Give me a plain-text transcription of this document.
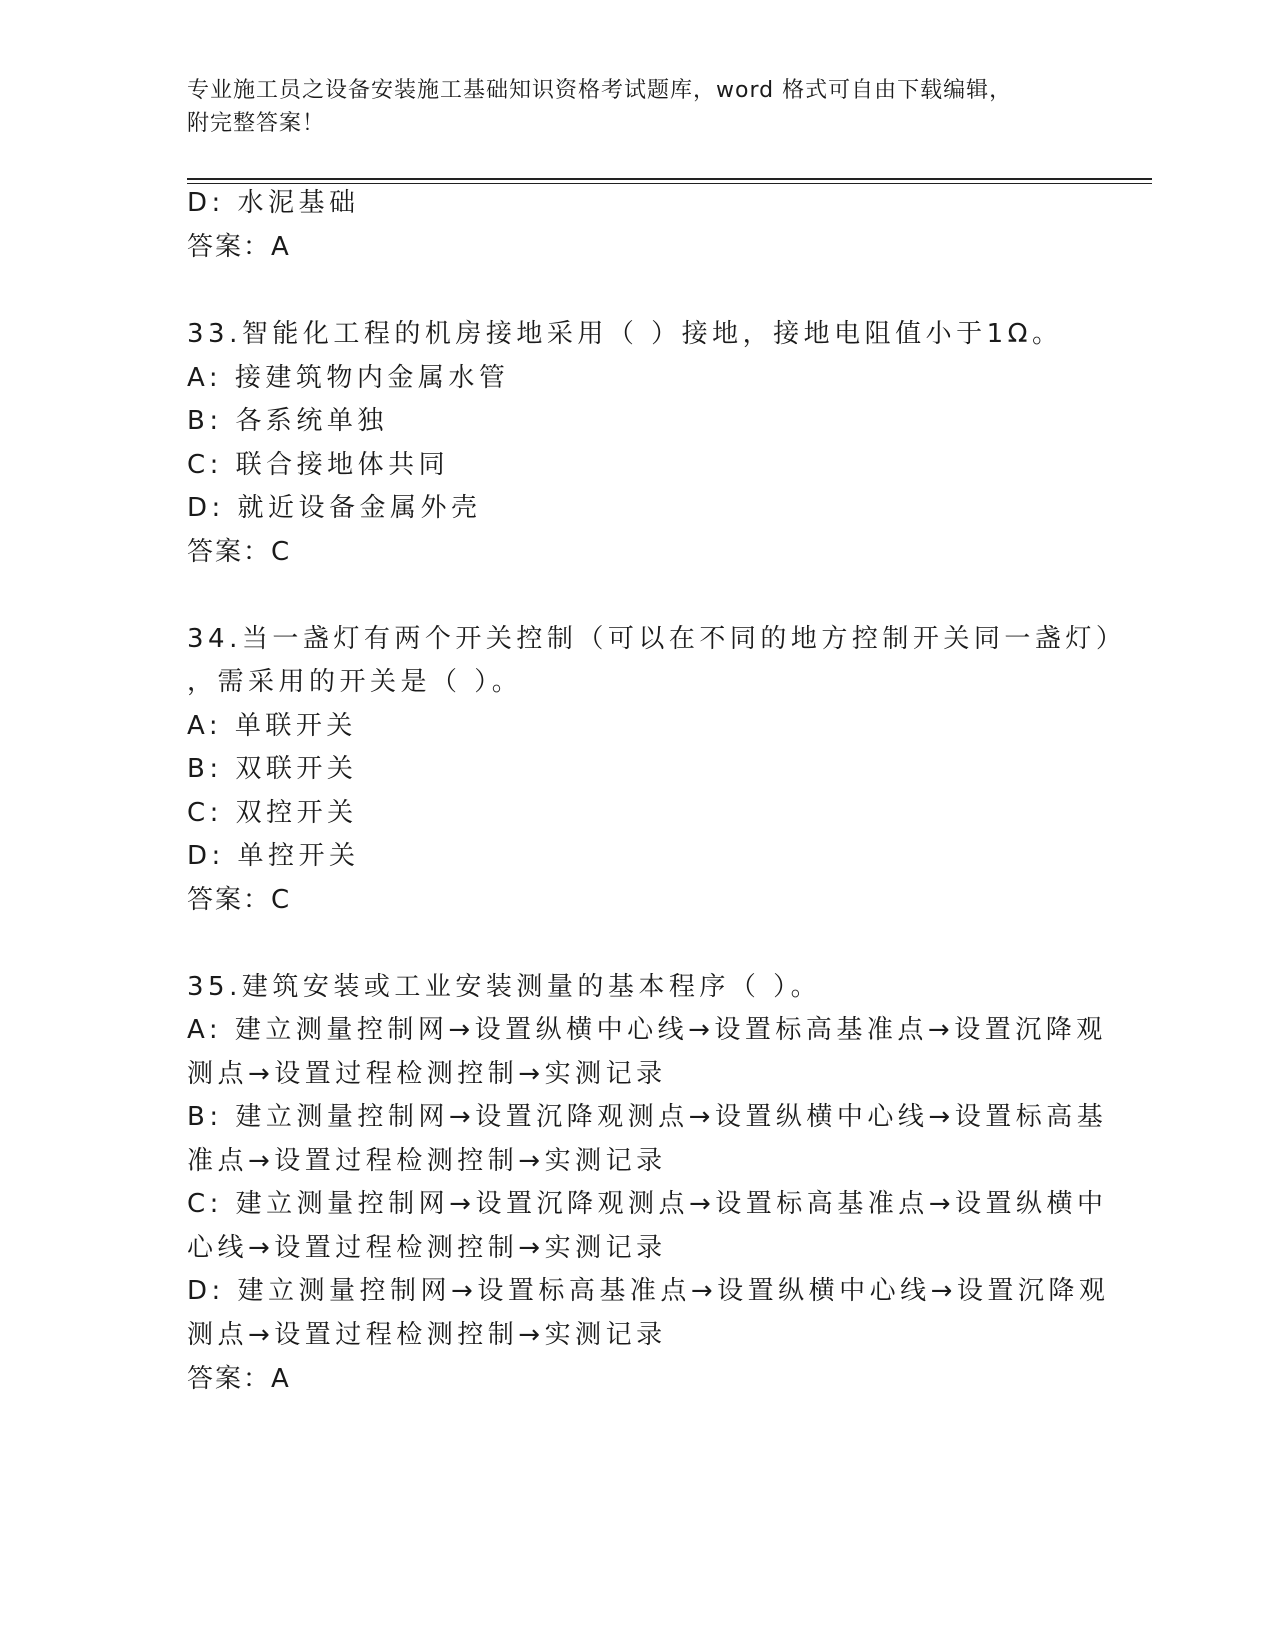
专业施工员之设备安装施工基础知识资格考试题库，word 格式可自由下载编辑，
附完整答案！
D: 水泥基础
答案：A
33.智能化工程的机房接地采用（ ）接地，接地电阻值小于1Ω。
A: 接建筑物内金属水管
B: 各系统单独
C: 联合接地体共同
D: 就近设备金属外壳
答案：C
34.当一盏灯有两个开关控制（可以在不同的地方控制开关同一盏灯）
，需采用的开关是（ ）。
A: 单联开关
B: 双联开关
C: 双控开关
D: 单控开关
答案：C
35.建筑安装或工业安装测量的基本程序（ ）。
A: 建立测量控制网→设置纵横中心线→设置标高基准点→设置沉降观
测点→设置过程检测控制→实测记录
B: 建立测量控制网→设置沉降观测点→设置纵横中心线→设置标高基
准点→设置过程检测控制→实测记录
C: 建立测量控制网→设置沉降观测点→设置标高基准点→设置纵横中
心线→设置过程检测控制→实测记录
D: 建立测量控制网→设置标高基准点→设置纵横中心线→设置沉降观
测点→设置过程检测控制→实测记录
答案：A
